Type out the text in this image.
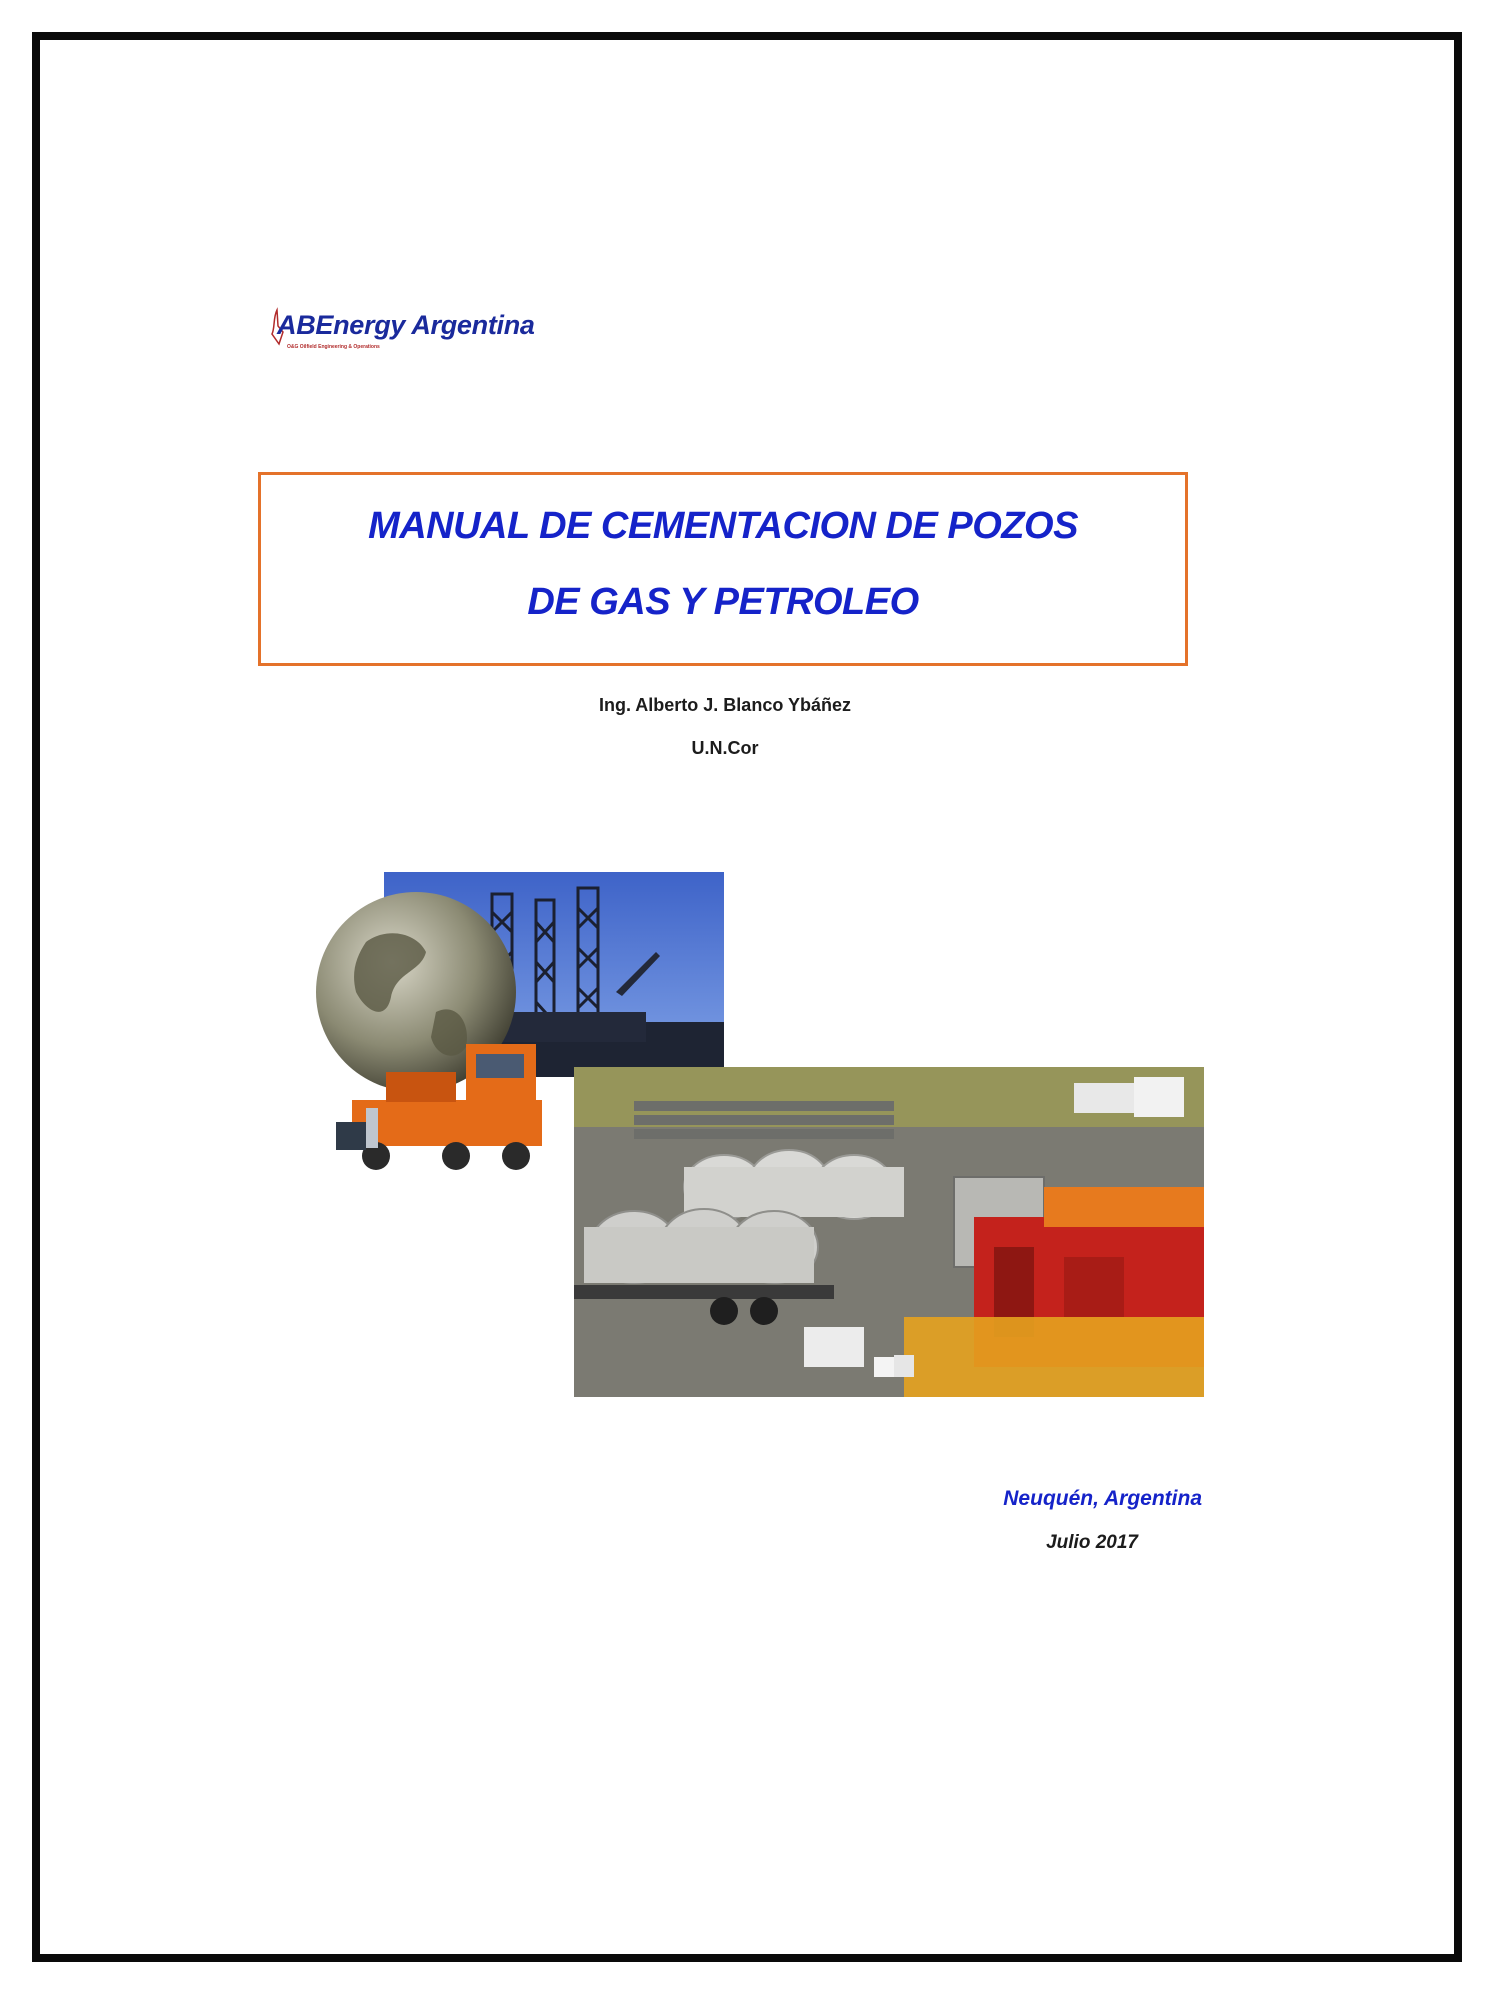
ABEnergy Argentina
O&G Oilfield Engineering & Operations
MANUAL DE CEMENTACION DE POZOS
DE GAS Y PETROLEO
Ing. Alberto J. Blanco Ybáñez
U.N.Cor
Neuquén, Argentina
Julio 2017
